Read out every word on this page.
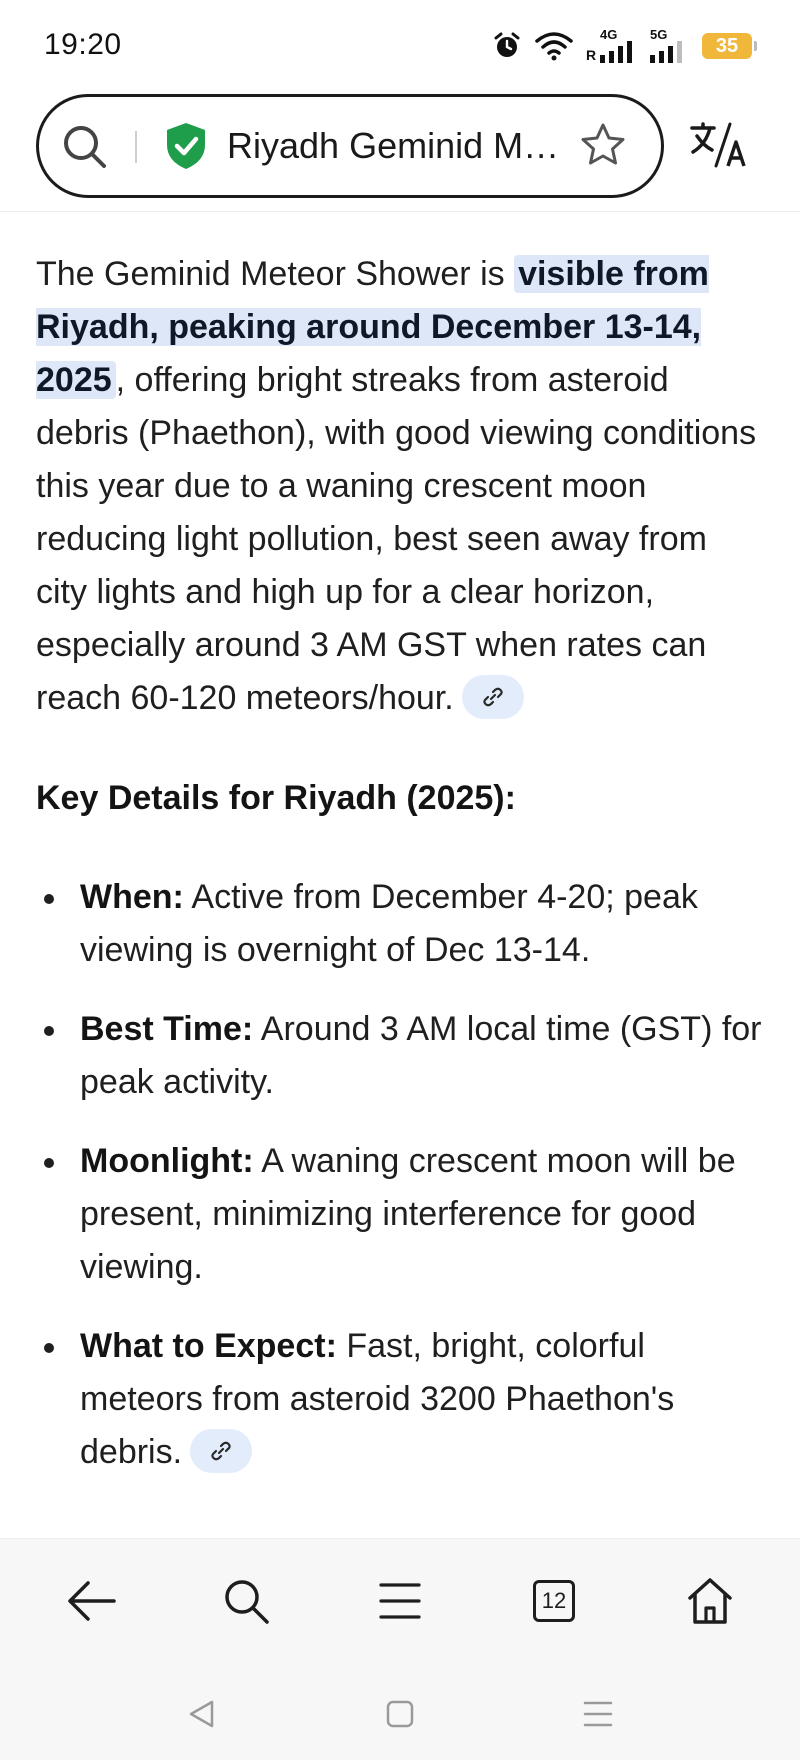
19:20	R
4G	5G 35
Riyadh Geminid M…

The Geminid Meteor Shower is visible from Riyadh, peaking around December 13-14, 2025 , offering bright streaks from asteroid debris (Phaethon), with good viewing conditions this year due to a waning crescent moon reducing light pollution, best seen away from city lights and high up for a clear horizon, especially around 3 AM GST when rates can reach 60-120 meteors/hour.

Key Details for Riyadh (2025):
When: Active from December 4-20; peak viewing is overnight of Dec 13-14.
Best Time: Around 3 AM local time (GST) for peak activity.
Moonlight: A waning crescent moon will be present, minimizing interference for good viewing.
What to Expect: Fast, bright, colorful meteors from asteroid 3200 Phaethon's debris.
12
